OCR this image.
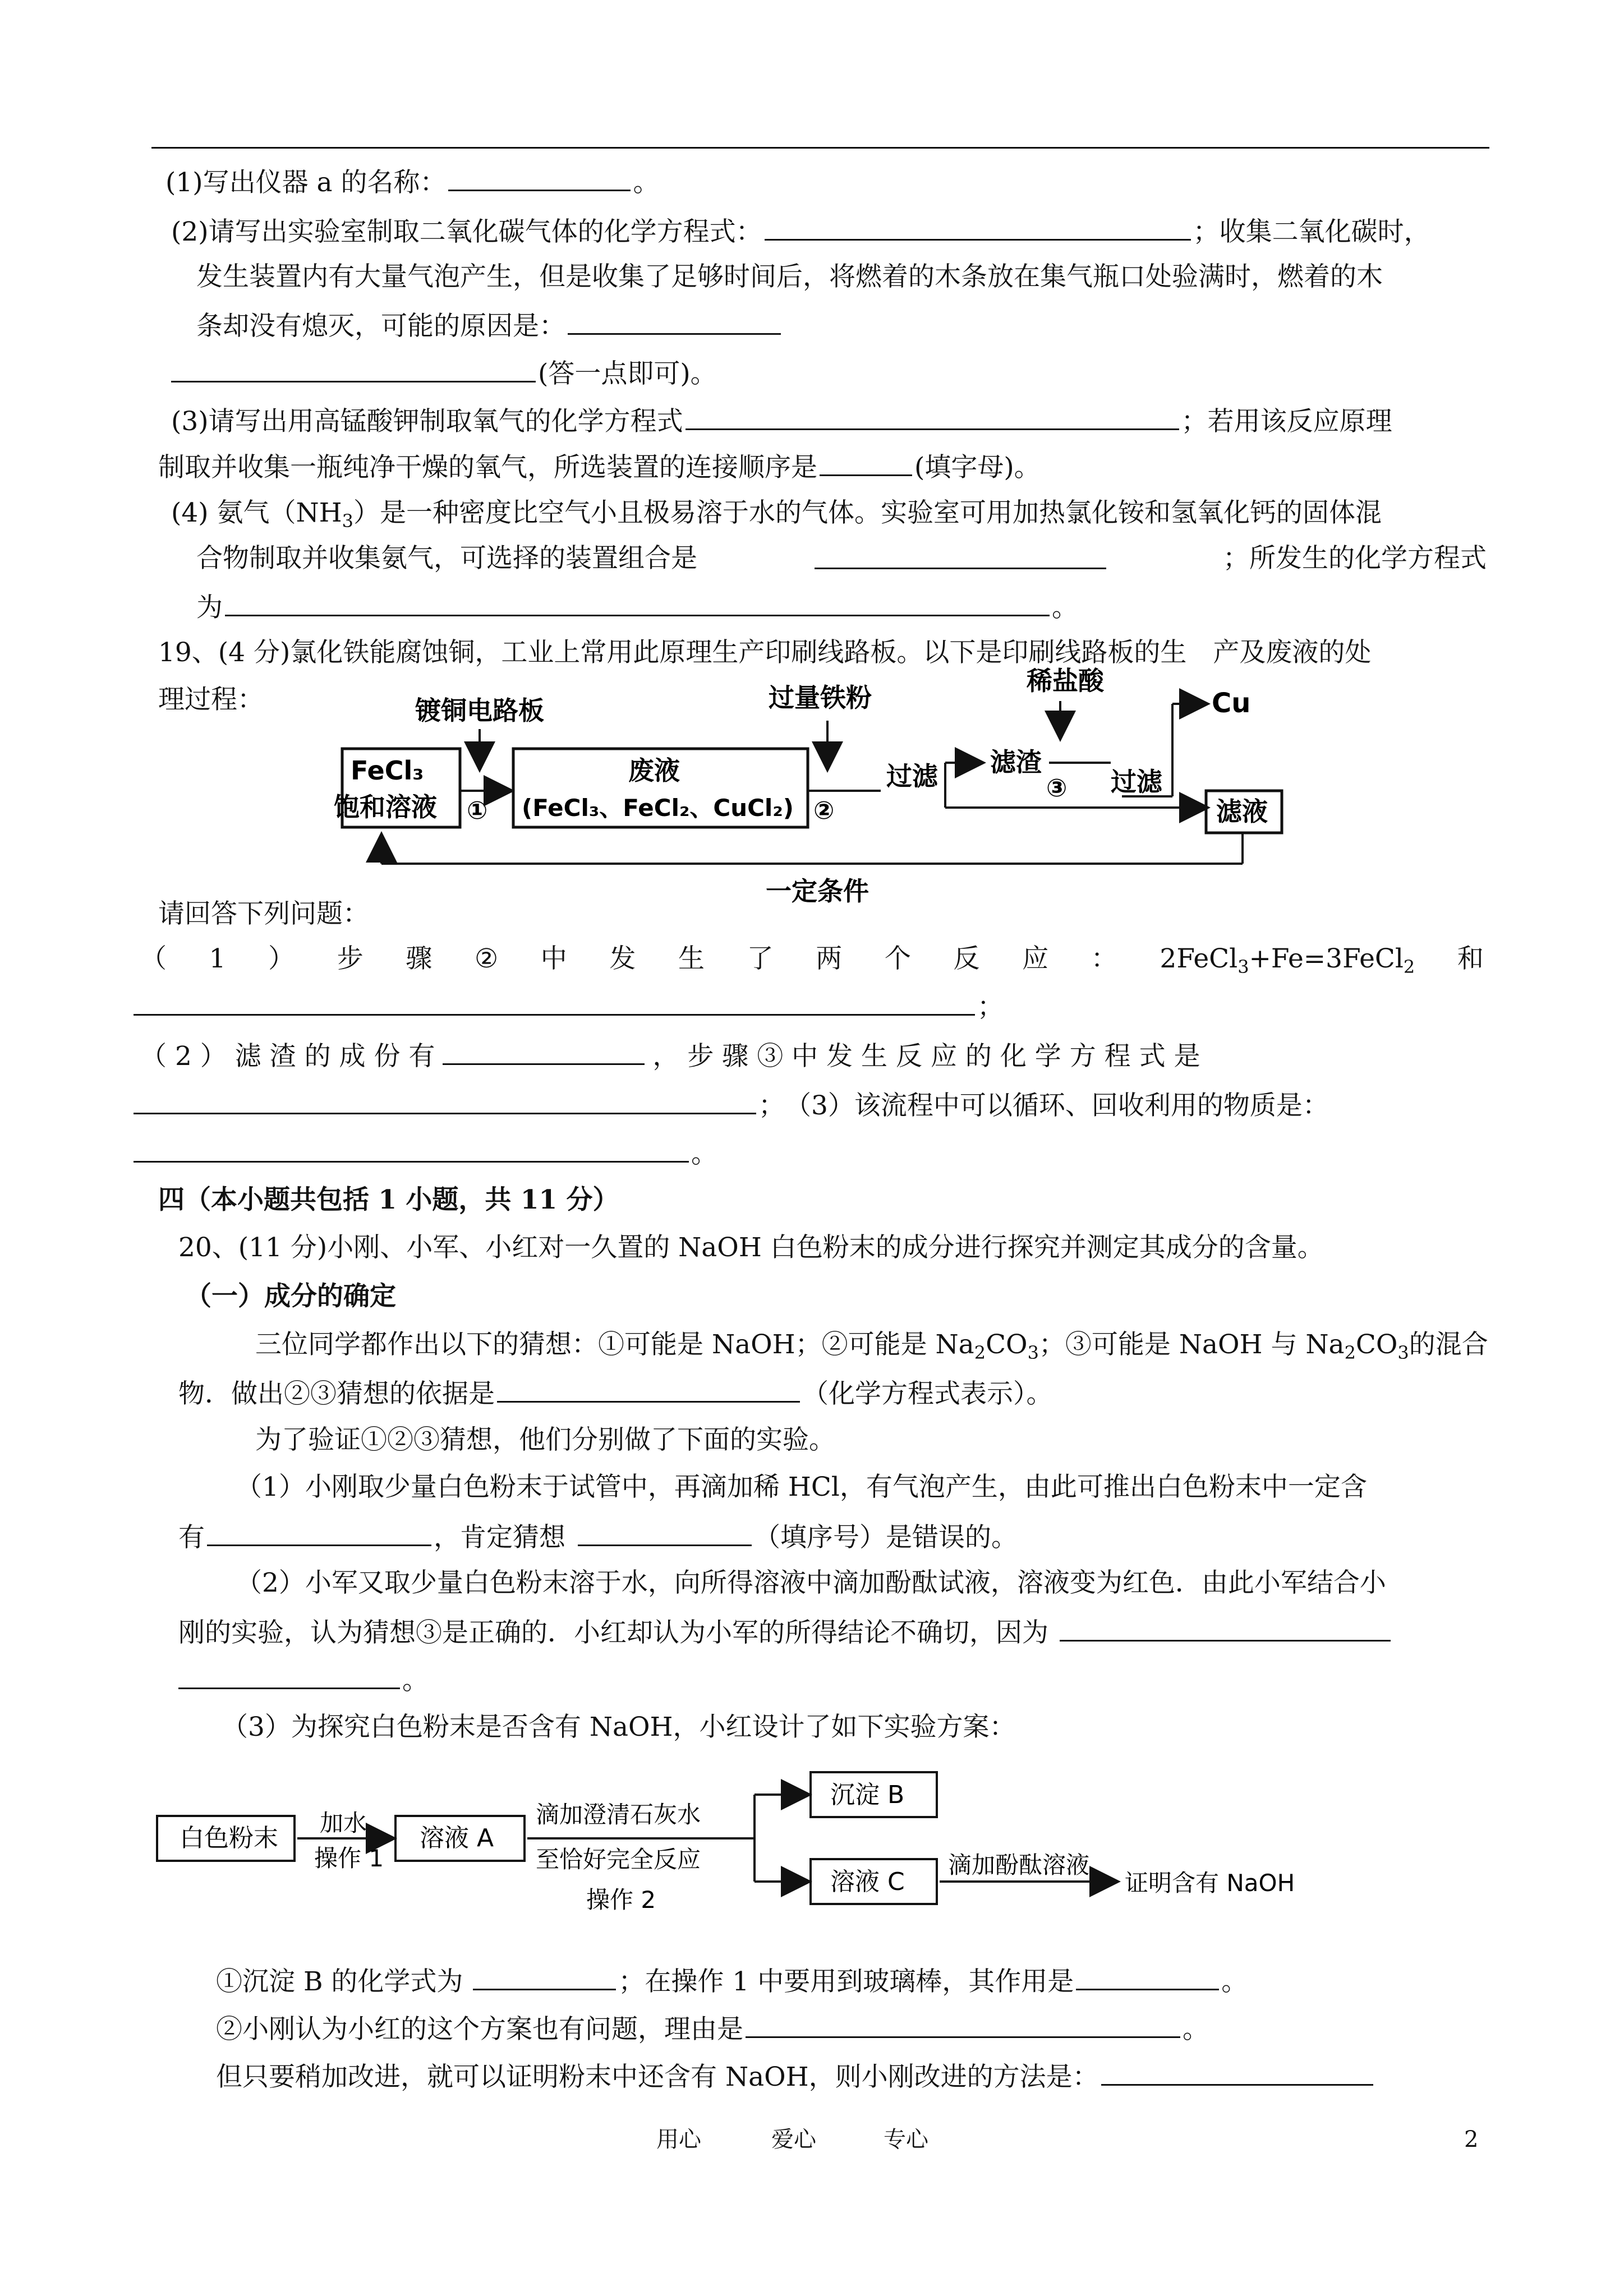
(1)写出仪器 a 的名称：	。
(2)请写出实验室制取二氧化碳气体的化学方程式：	；收集二氧化碳时，
发生装置内有大量气泡产生，但是收集了足够时间后，将燃着的木条放在集气瓶口处验满时，燃着的木
条却没有熄灭，可能的原因是：
(答一点即可)。
(3)请写出用高锰酸钾制取氧气的化学方程式	；若用该反应原理
制取并收集一瓶纯净干燥的氧气，所选装置的连接顺序是	(填字母)。
(4) 氨气$(NH_3)$是一种密度比空气小且极易溶于水的气体。实验室可用加热氯化铵和氢氧化钙的固体混
合物制取并收集氨气，可选择的装置组合是	；所发生的化学方程式
为	。
19、(4 分)氯化铁能腐蚀铜，工业上常用此原理生产印刷线路板。以下是印刷线路板的生　产及废液的处
理过程：
FeCl₃
饱和溶液
镀铜电路板
①
废液
(FeCl₃、FeCl₂、CuCl₂)
过量铁粉
②
过滤 滤渣
稀盐酸
③ 过滤
Cu
滤液
一定条件
请回答下列问题：
（ 1 ） 步 骤 ② 中 发 生 了 两 个 反 应 ： 2FeCl$_3$+Fe=3FeCl$_2$ 和
；
（ 2 ） 滤 渣 的 成 份 有	， 步 骤 ③ 中 发 生 反 应 的 化 学 方 程 式 是
；　（3）该流程中可以循环、回收利用的物质是：
。
四（本小题共包括 1 小题，共 11 分）
20、(11 分)小刚、小军、小红对一久置的 NaOH 白色粉末的成分进行探究并测定其成分的含量。
（一）成分的确定
三位同学都作出以下的猜想：①可能是 NaOH；②可能是 $Na_2CO_3$；③可能是 NaOH 与 $Na_2CO_3$的混合
物．做出②③猜想的依据是	（化学方程式表示）。
为了验证①②③猜想，他们分别做了下面的实验。
（1）小刚取少量白色粉末于试管中，再滴加稀 HCl，有气泡产生，由此可推出白色粉末中一定含
有	，肯定猜想	（填序号）是错误的。
（2）小军又取少量白色粉末溶于水，向所得溶液中滴加酚酞试液，溶液变为红色．由此小军结合小
刚的实验，认为猜想③是正确的．小红却认为小军的所得结论不确切，因为
。
（3）为探究白色粉末是否含有 NaOH，小红设计了如下实验方案：
白色粉末
加水
操作 1
溶液 A
滴加澄清石灰水
至恰好完全反应
操作 2
沉淀 B
溶液 C
滴加酚酞溶液
证明含有 NaOH
①沉淀 B 的化学式为	；在操作 1 中要用到玻璃棒，其作用是	。
②小刚认为小红的这个方案也有问题，理由是	。
但只要稍加改进，就可以证明粉末中还含有 NaOH，则小刚改进的方法是：
用心	爱心	专心	2
